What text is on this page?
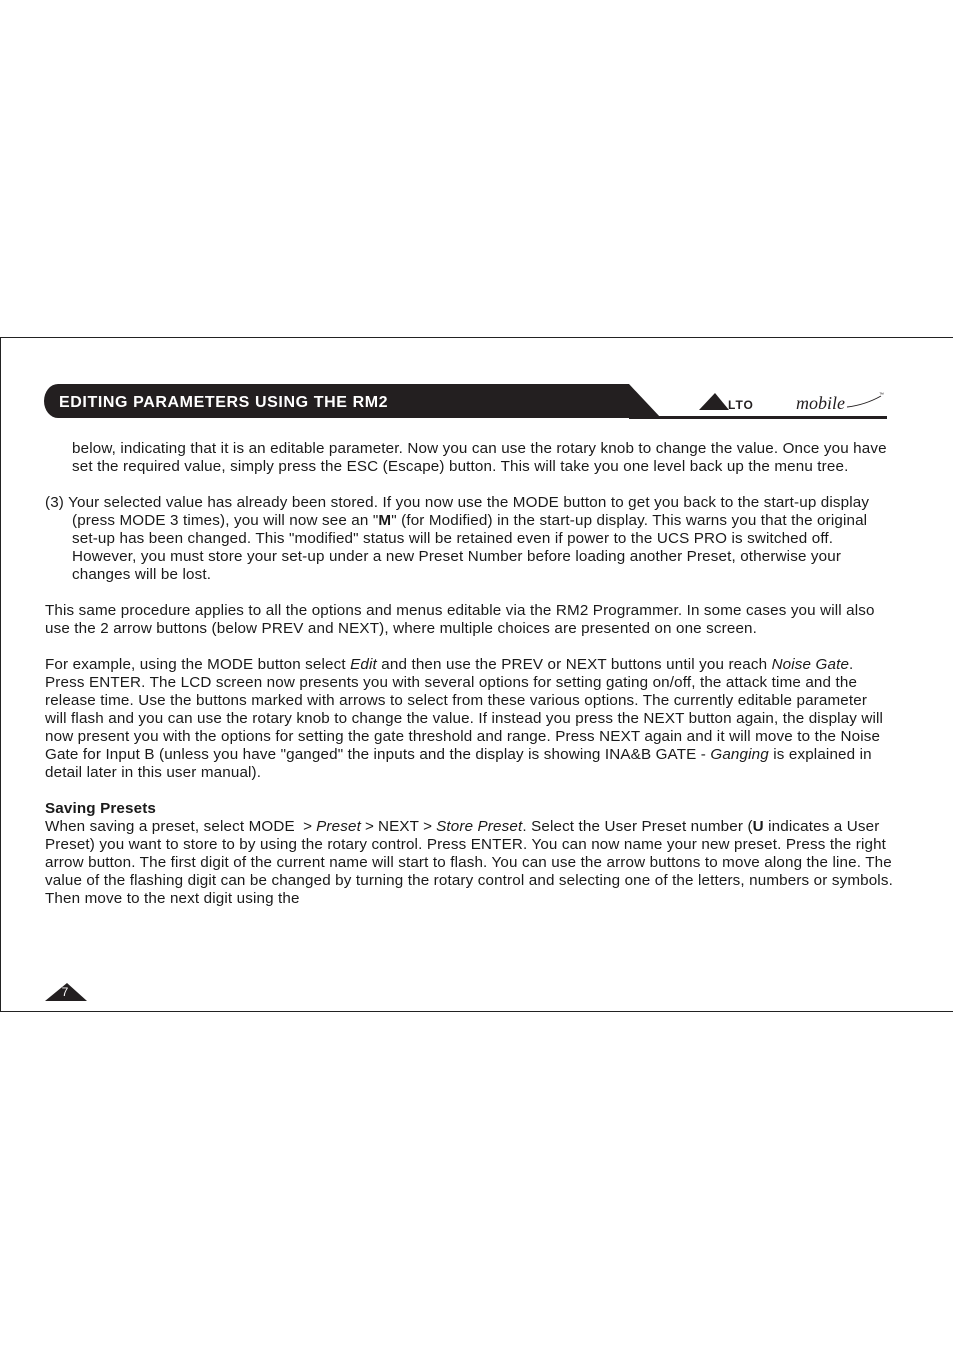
EDITING PARAMETERS USING THE RM2	LTO mobile	™

below, indicating that it is an editable parameter. Now you can use the rotary knob to change the value. Once you have set the required value, simply press the ESC (Escape) button. This will take you one level back up the menu tree.

(3) Your selected value has already been stored. If you now use the MODE button to get you back to the start-up display (press MODE 3 times), you will now see an "M" (for Modified) in the start-up display. This warns you that the original set-up has been changed. This "modified" status will be retained even if power to the UCS PRO is switched off. However, you must store your set-up under a new Preset Number before loading another Preset, otherwise your changes will be lost.

This same procedure applies to all the options and menus editable via the RM2 Programmer. In some cases you will also use the 2 arrow buttons (below PREV and NEXT), where multiple choices are presented on one screen.

For example, using the MODE button select Edit and then use the PREV or NEXT buttons until you reach Noise Gate. Press ENTER. The LCD screen now presents you with several options for setting gating on/off, the attack time and the release time. Use the buttons marked with arrows to select from these various options. The currently editable parameter will flash and you can use the rotary knob to change the value. If instead you press the NEXT button again, the display will now present you with the options for setting the gate threshold and range. Press NEXT again and it will move to the Noise Gate for Input B (unless you have "ganged" the inputs and the display is showing INA&B GATE - Ganging is explained in detail later in this user manual).

Saving Presets

When saving a preset, select MODE > Preset > NEXT > Store Preset. Select the User Preset number (U indicates a User Preset) you want to store to by using the rotary control. Press ENTER. You can now name your new preset. Press the right arrow button. The first digit of the current name will start to flash. You can use the arrow buttons to move along the line. The value of the flashing digit can be changed by turning the rotary control and selecting one of the letters, numbers or symbols. Then move to the next digit using the

7
